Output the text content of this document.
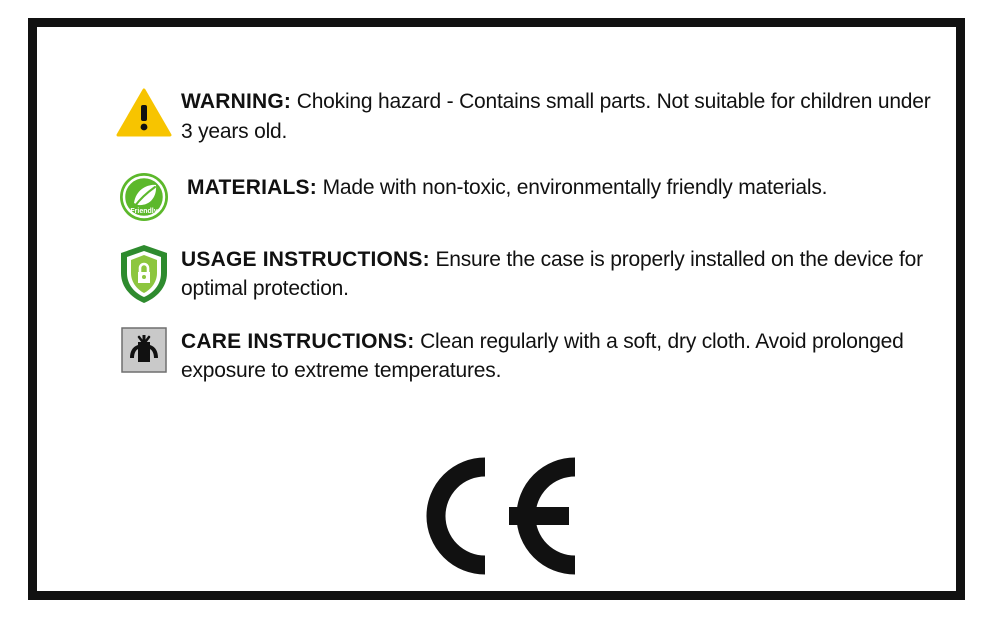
WARNING: Choking hazard - Contains small parts. Not suitable for children under 3 years old.
Friendly
MATERIALS: Made with non-toxic, environmentally friendly materials.
USAGE INSTRUCTIONS: Ensure the case is properly installed on the device for optimal protection.
CARE INSTRUCTIONS: Clean regularly with a soft, dry cloth. Avoid prolonged exposure to extreme temperatures.
